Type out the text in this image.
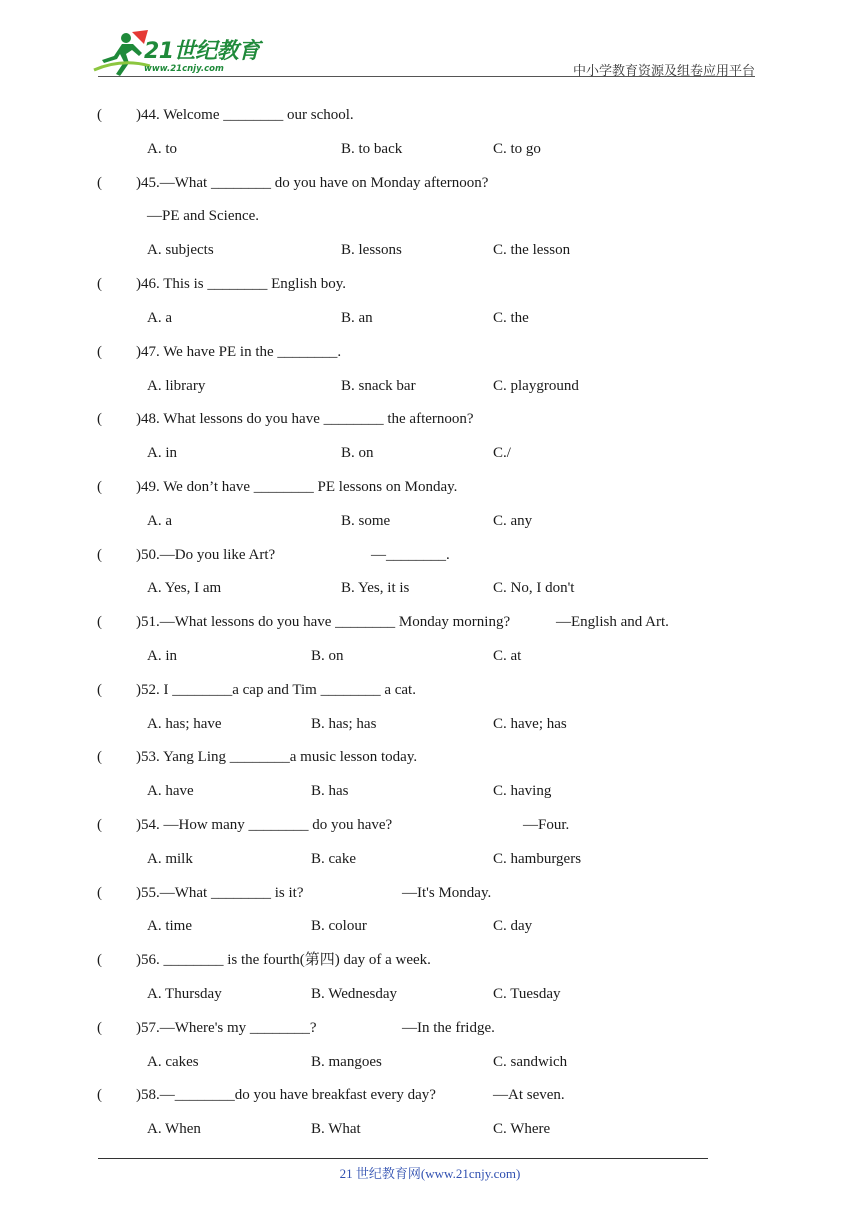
21世纪教育
www.21cnjy.com	中小学教育资源及组卷应用平台
( )44. Welcome ________ our school.
A. to	B. to back	C. to go
( )45.—What ________ do you have on Monday afternoon?
—PE and Science.
A. subjects	B. lessons	C. the lesson
( )46. This is ________ English boy.
A. a	B. an	C. the
( )47. We have PE in the ________.
A. library	B. snack bar	C. playground
( )48. What lessons do you have ________ the afternoon?
A. in	B. on	C./
( )49. We don’t have ________ PE lessons on Monday.
A. a	B. some	C. any
( )50.—Do you like Art?	—________.
A. Yes, I am	B. Yes, it is	C. No, I don't
( )51.—What lessons do you have ________ Monday morning?	—English and Art.
A. in	B. on	C. at
( )52. I ________a cap and Tim ________ a cat.
A. has; have	B. has; has	C. have; has
( )53. Yang Ling ________a music lesson today.
A. have	B. has	C. having
( )54. —How many ________ do you have?	—Four.
A. milk	B. cake	C. hamburgers
( )55.—What ________ is it?	—It's Monday.
A. time	B. colour	C. day
( )56. ________ is the fourth(第四) day of a week.
A. Thursday	B. Wednesday	C. Tuesday
( )57.—Where's my ________?	—In the fridge.
A. cakes	B. mangoes	C. sandwich
( )58.—________do you have breakfast every day?	—At seven.
A. When	B. What	C. Where
21 世纪教育网(www.21cnjy.com)
